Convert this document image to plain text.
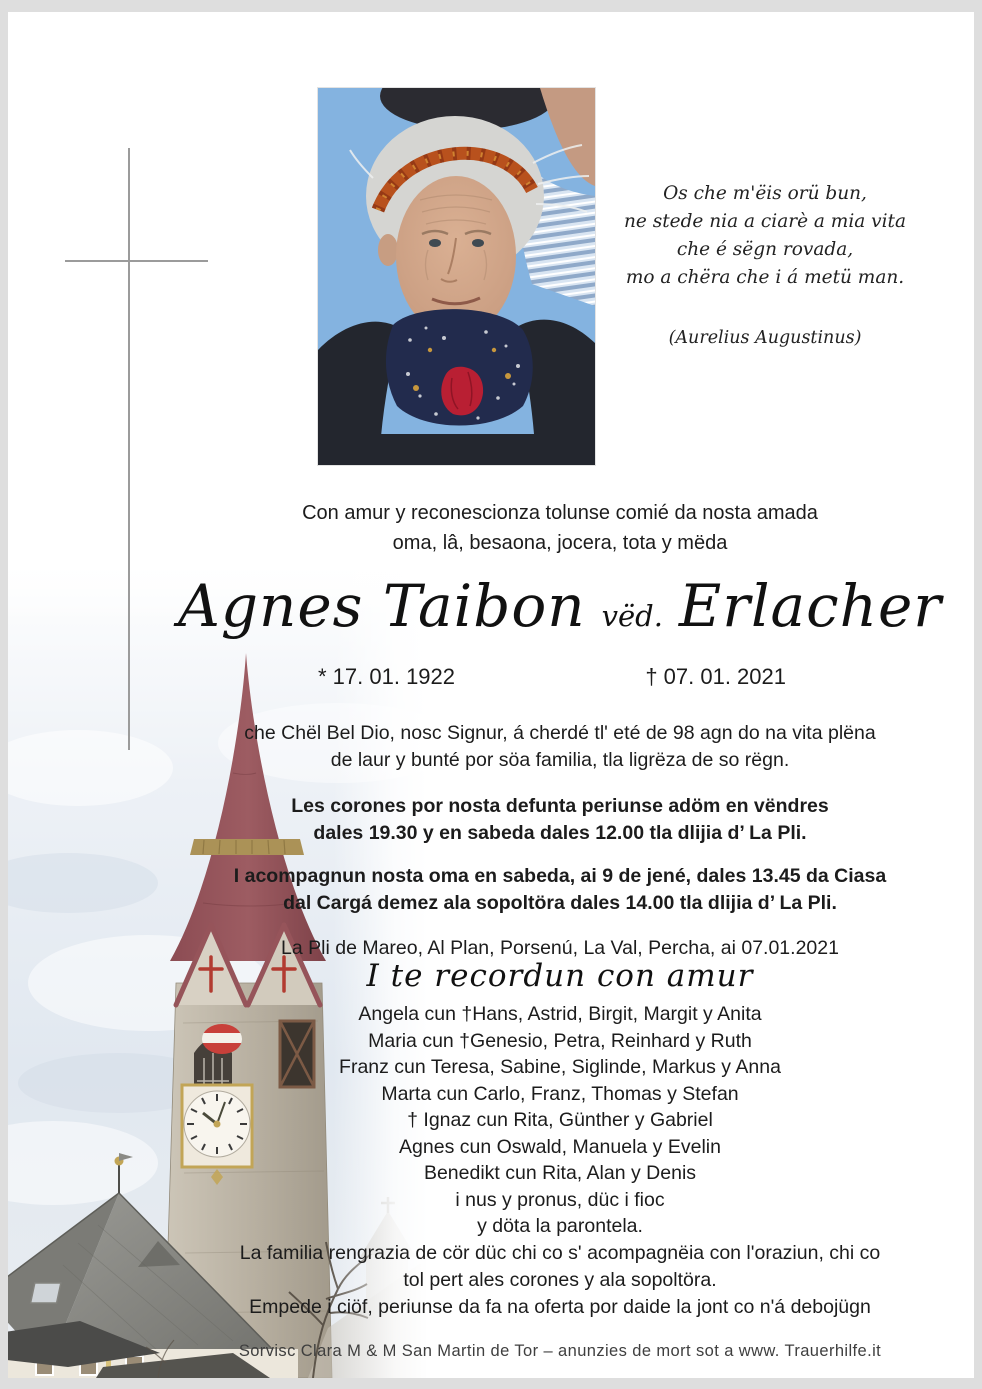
Os che m'ëis orü bun,
ne stede nia a ciarè a mia vita
che é sëgn rovada,
mo a chëra che i á metü man.
(Aurelius Augustinus)
Con amur y reconescionza tolunse comié da nosta amada
oma, lâ, besaona, jocera, tota y mëda
Agnes Taibon vëd. Erlacher
* 17. 01. 1922	† 07. 01. 2021
che Chël Bel Dio, nosc Signur, á cherdé tl' eté de 98 agn do na vita plëna
de laur y bunté por söa familia, tla ligrëza de so rëgn.
Les corones por nosta defunta periunse adöm en vëndres
dales 19.30 y en sabeda dales 12.00 tla dlijia d’ La Pli.
I acompagnun nosta oma en sabeda, ai 9 de jené, dales 13.45 da Ciasa
dal Cargá demez ala sopoltöra dales 14.00 tla dlijia d’ La Pli.
La Pli de Mareo, Al Plan, Porsenú, La Val, Percha, ai 07.01.2021
I te recordun con amur
Angela cun †Hans, Astrid, Birgit, Margit y Anita
Maria cun †Genesio, Petra, Reinhard y Ruth
Franz cun Teresa, Sabine, Siglinde, Markus y Anna
Marta cun Carlo, Franz, Thomas y Stefan
† Ignaz cun Rita, Günther y Gabriel
Agnes cun Oswald, Manuela y Evelin
Benedikt cun Rita, Alan y Denis
i nus y pronus, düc i fioc
y döta la parontela.
La familia rengrazia de cör düc chi co s' acompagnëia con l'oraziun, chi co
tol pert ales corones y ala sopoltöra.
Empede i ciöf, periunse da fa na oferta por daide la jont co n'á debojügn
Sorvisc Clara M & M San Martin de Tor – anunzies de mort sot a www. Trauerhilfe.it
